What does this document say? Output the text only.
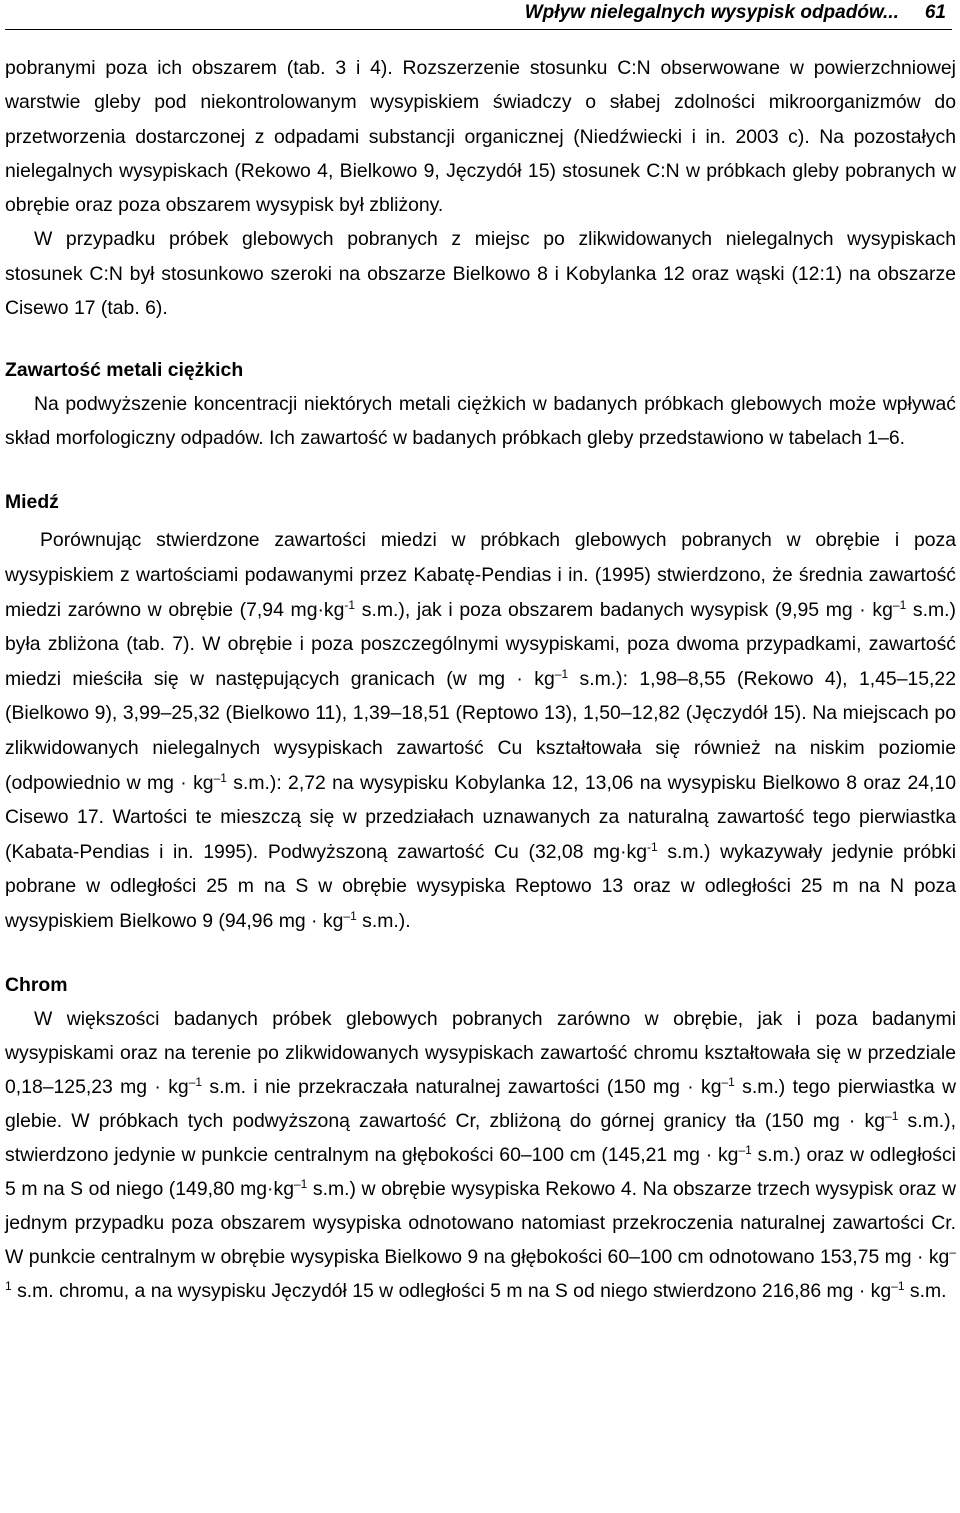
Wpływ nielegalnych wysypisk odpadów... 61

pobranymi poza ich obszarem (tab. 3 i 4). Rozszerzenie stosunku C:N obserwowane w powierzchniowej warstwie gleby pod niekontrolowanym wysypiskiem świadczy o słabej zdolności mikroorganizmów do przetworzenia dostarczonej z odpadami substancji organicznej (Niedźwiecki i in. 2003 c). Na pozostałych nielegalnych wysypiskach (Rekowo 4, Bielkowo 9, Jęczydół 15) stosunek C:N w próbkach gleby pobranych w obrębie oraz poza obszarem wysypisk był zbliżony.

W przypadku próbek glebowych pobranych z miejsc po zlikwidowanych nielegalnych wysypiskach stosunek C:N był stosunkowo szeroki na obszarze Bielkowo 8 i Kobylanka 12 oraz wąski (12:1) na obszarze Cisewo 17 (tab. 6).

Zawartość metali ciężkich

Na podwyższenie koncentracji niektórych metali ciężkich w badanych próbkach glebowych może wpływać skład morfologiczny odpadów. Ich zawartość w badanych próbkach gleby przedstawiono w tabelach 1–6.

Miedź

Porównując stwierdzone zawartości miedzi w próbkach glebowych pobranych w obrębie i poza wysypiskiem z wartościami podawanymi przez Kabatę-Pendias i in. (1995) stwierdzono, że średnia zawartość miedzi zarówno w obrębie (7,94 $mg\cdot kg^{-1}$ s.m.), jak i poza obszarem badanych wysypisk (9,95 mg · $kg^{-1}$ s.m.) była zbliżona (tab. 7). W obrębie i poza poszczególnymi wysypiskami, poza dwoma przypadkami, zawartość miedzi mieściła się w następujących granicach (w mg · $kg^{-1}$ s.m.): 1,98–8,55 (Rekowo 4), 1,45–15,22 (Bielkowo 9), 3,99–25,32 (Bielkowo 11), 1,39–18,51 (Reptowo 13), 1,50–12,82 (Jęczydół 15). Na miejscach po zlikwidowanych nielegalnych wysypiskach zawartość Cu kształtowała się również na niskim poziomie (odpowiednio w mg · $kg^{-1}$ s.m.): 2,72 na wysypisku Kobylanka 12, 13,06 na wysypisku Bielkowo 8 oraz 24,10 Cisewo 17. Wartości te mieszczą się w przedziałach uznawanych za naturalną zawartość tego pierwiastka (Kabata-Pendias i in. 1995). Podwyższoną zawartość Cu (32,08 $mg\cdot kg^{-1}$ s.m.) wykazywały jedynie próbki pobrane w odległości 25 m na S w obrębie wysypiska Reptowo 13 oraz w odległości 25 m na N poza wysypiskiem Bielkowo 9 (94,96 mg · $kg^{-1}$ s.m.).

Chrom

W większości badanych próbek glebowych pobranych zarówno w obrębie, jak i poza badanymi wysypiskami oraz na terenie po zlikwidowanych wysypiskach zawartość chromu kształtowała się w przedziale 0,18–125,23 mg · $kg^{-1}$ s.m. i nie przekraczała naturalnej zawartości (150 mg · $kg^{-1}$ s.m.) tego pierwiastka w glebie. W próbkach tych podwyższoną zawartość Cr, zbliżoną do górnej granicy tła (150 mg · $kg^{-1}$ s.m.), stwierdzono jedynie w punkcie centralnym na głębokości 60–100 cm (145,21 mg · $kg^{-1}$ s.m.) oraz w odległości 5 m na S od niego (149,80 $mg\cdot kg^{-1}$ s.m.) w obrębie wysypiska Rekowo 4. Na obszarze trzech wysypisk oraz w jednym przypadku poza obszarem wysypiska odnotowano natomiast przekroczenia naturalnej zawartości Cr. W punkcie centralnym w obrębie wysypiska Bielkowo 9 na głębokości 60–100 cm odnotowano 153,75 mg · $kg^{-1}$ s.m. chromu, a na wysypisku Jęczydół 15 w odległości 5 m na S od niego stwierdzono 216,86 mg · $kg^{-1}$ s.m.
